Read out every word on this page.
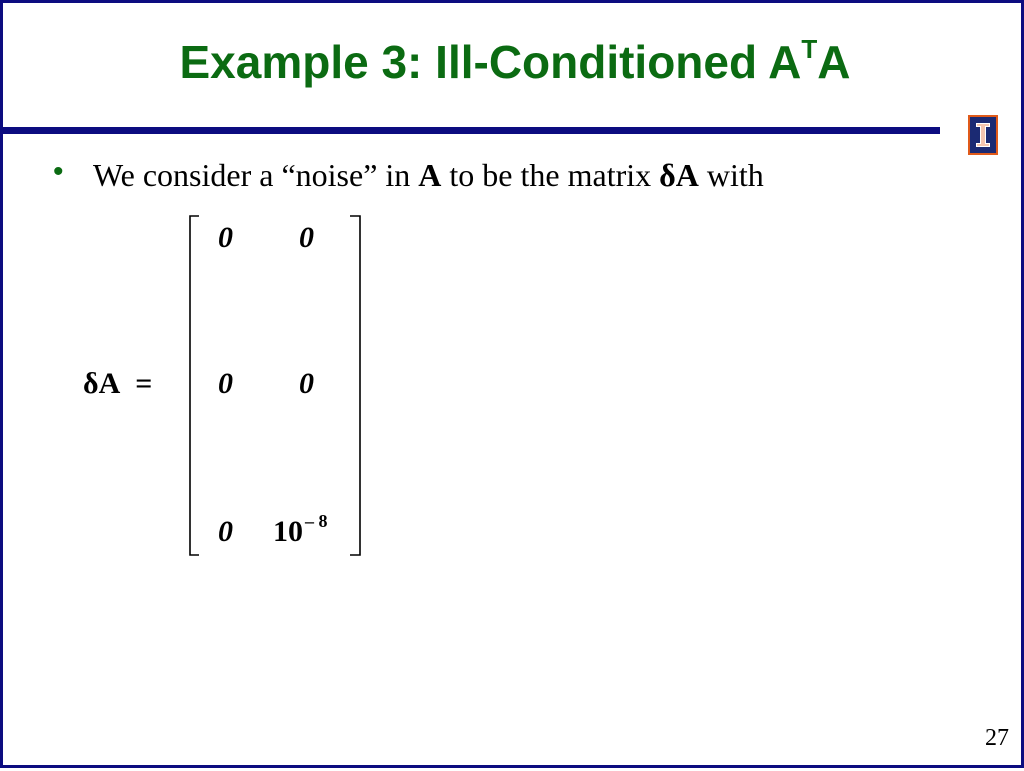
Example 3: Ill-Conditioned $A^TA$
• We consider a “noise” in A to be the matrix δA with
δA =
0 0
0 0
0 10 $^{- 8}$
27
